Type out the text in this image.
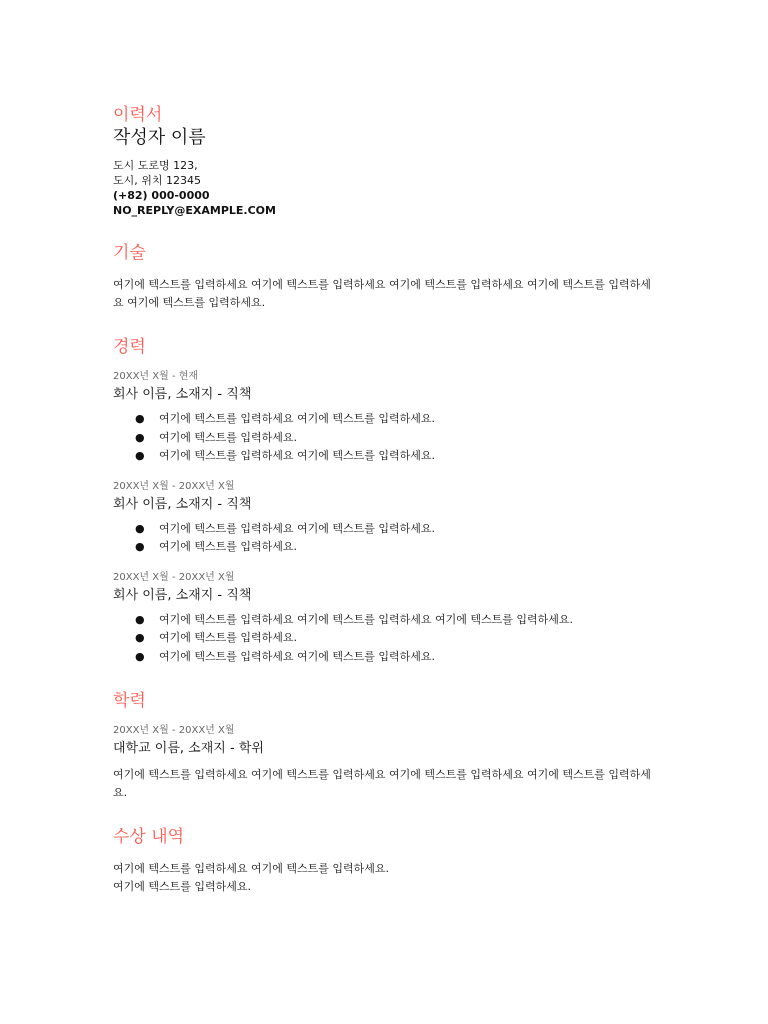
이력서
작성자 이름
도시 도로명 123,
도시, 위치 12345
(+82) 000-0000
NO_REPLY@EXAMPLE.COM
기술

여기에 텍스트를 입력하세요 여기에 텍스트를 입력하세요 여기에 텍스트를 입력하세요 여기에 텍스트를 입력하세요 여기에 텍스트를 입력하세요.

경력

20XX년 X월 - 현재

회사 이름, 소재지 - 직책

● 여기에 텍스트를 입력하세요 여기에 텍스트를 입력하세요.
● 여기에 텍스트를 입력하세요.
● 여기에 텍스트를 입력하세요 여기에 텍스트를 입력하세요.

20XX년 X월 - 20XX년 X월

회사 이름, 소재지 - 직책

● 여기에 텍스트를 입력하세요 여기에 텍스트를 입력하세요.
● 여기에 텍스트를 입력하세요.

20XX년 X월 - 20XX년 X월

회사 이름, 소재지 - 직책

● 여기에 텍스트를 입력하세요 여기에 텍스트를 입력하세요 여기에 텍스트를 입력하세요.
● 여기에 텍스트를 입력하세요.
● 여기에 텍스트를 입력하세요 여기에 텍스트를 입력하세요.
학력

20XX년 X월 - 20XX년 X월

대학교 이름, 소재지 - 학위

여기에 텍스트를 입력하세요 여기에 텍스트를 입력하세요 여기에 텍스트를 입력하세요 여기에 텍스트를 입력하세요.

수상 내역

여기에 텍스트를 입력하세요 여기에 텍스트를 입력하세요.

여기에 텍스트를 입력하세요.
